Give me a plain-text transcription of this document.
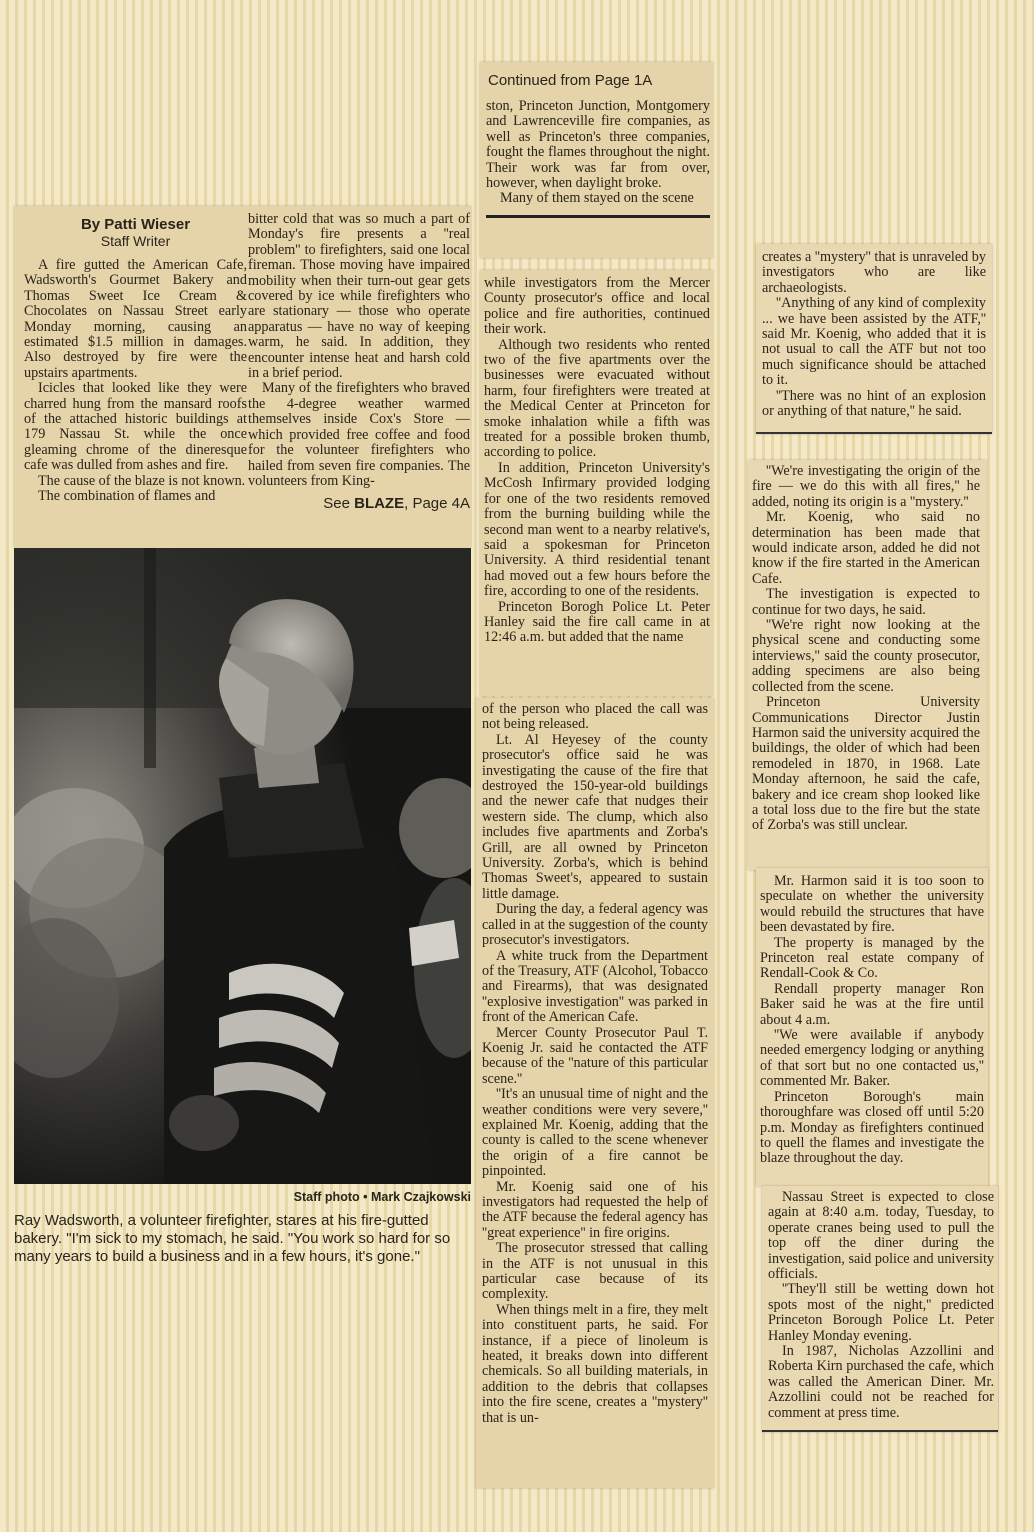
By Patti Wieser
Staff Writer

A fire gutted the American Cafe, Wadsworth's Gourmet Bakery and Thomas Sweet Ice Cream & Chocolates on Nassau Street early Monday morning, causing an estimated $1.5 million in damages. Also destroyed by fire were the upstairs apartments.

Icicles that looked like they were charred hung from the mansard roofs of the attached historic buildings at 179 Nassau St. while the once gleaming chrome of the dineresque cafe was dulled from ashes and fire.

The cause of the blaze is not known.

The combination of flames and

bitter cold that was so much a part of Monday's fire presents a ''real problem'' to firefighters, said one local fireman. Those moving have impaired mobility when their turn-out gear gets covered by ice while firefighters who are stationary — those who operate apparatus — have no way of keeping warm, he said. In addition, they encounter intense heat and harsh cold in a brief period.

Many of the firefighters who braved the 4-degree weather warmed themselves inside Cox's Store — which provided free coffee and food for the volunteer firefighters who hailed from seven fire companies. The volunteers from King-

See BLAZE, Page 4A
Staff photo • Mark Czajkowski
Ray Wadsworth, a volunteer firefighter, stares at his fire-gutted bakery. "I'm sick to my stomach, he said. "You work so hard for so many years to build a business and in a few hours, it's gone."
Continued from Page 1A

ston, Princeton Junction, Montgomery and Lawrenceville fire companies, as well as Princeton's three companies, fought the flames throughout the night. Their work was far from over, however, when daylight broke.

Many of them stayed on the scene

while investigators from the Mercer County prosecutor's office and local police and fire authorities, continued their work.

Although two residents who rented two of the five apartments over the businesses were evacuated without harm, four firefighters were treated at the Medical Center at Princeton for smoke inhalation while a fifth was treated for a possible broken thumb, according to police.

In addition, Princeton University's McCosh Infirmary provided lodging for one of the two residents removed from the burning building while the second man went to a nearby relative's, said a spokesman for Princeton University. A third residential tenant had moved out a few hours before the fire, according to one of the residents.

Princeton Borogh Police Lt. Peter Hanley said the fire call came in at 12:46 a.m. but added that the name

of the person who placed the call was not being released.

Lt. Al Heyesey of the county prosecutor's office said he was investigating the cause of the fire that destroyed the 150-year-old buildings and the newer cafe that nudges their western side. The clump, which also includes five apartments and Zorba's Grill, are all owned by Princeton University. Zorba's, which is behind Thomas Sweet's, appeared to sustain little damage.

During the day, a federal agency was called in at the suggestion of the county prosecutor's investigators.

A white truck from the Department of the Treasury, ATF (Alcohol, Tobacco and Firearms), that was designated ''explosive investigation'' was parked in front of the American Cafe.

Mercer County Prosecutor Paul T. Koenig Jr. said he contacted the ATF because of the ''nature of this particular scene.''

''It's an unusual time of night and the weather conditions were very severe,'' explained Mr. Koenig, adding that the county is called to the scene whenever the origin of a fire cannot be pinpointed.

Mr. Koenig said one of his investigators had requested the help of the ATF because the federal agency has ''great experience'' in fire origins.

The prosecutor stressed that calling in the ATF is not unusual in this particular case because of its complexity.

When things melt in a fire, they melt into constituent parts, he said. For instance, if a piece of linoleum is heated, it breaks down into different chemicals. So all building materials, in addition to the debris that collapses into the fire scene, creates a ''mystery'' that is un-

creates a ''mystery'' that is unraveled by investigators who are like archaeologists.

''Anything of any kind of complexity ... we have been assisted by the ATF,'' said Mr. Koenig, who added that it is not usual to call the ATF but not too much significance should be attached to it.

''There was no hint of an explosion or anything of that nature,'' he said.

''We're investigating the origin of the fire — we do this with all fires,'' he added, noting its origin is a ''mystery.''

Mr. Koenig, who said no determination has been made that would indicate arson, added he did not know if the fire started in the American Cafe.

The investigation is expected to continue for two days, he said.

''We're right now looking at the physical scene and conducting some interviews,'' said the county prosecutor, adding specimens are also being collected from the scene.

Princeton University Communications Director Justin Harmon said the university acquired the buildings, the older of which had been remodeled in 1870, in 1968. Late Monday afternoon, he said the cafe, bakery and ice cream shop looked like a total loss due to the fire but the state of Zorba's was still unclear.

Mr. Harmon said it is too soon to speculate on whether the university would rebuild the structures that have been devastated by fire.

The property is managed by the Princeton real estate company of Rendall-Cook & Co.

Rendall property manager Ron Baker said he was at the fire until about 4 a.m.

''We were available if anybody needed emergency lodging or anything of that sort but no one contacted us,'' commented Mr. Baker.

Princeton Borough's main thoroughfare was closed off until 5:20 p.m. Monday as firefighters continued to quell the flames and investigate the blaze throughout the day.

Nassau Street is expected to close again at 8:40 a.m. today, Tuesday, to operate cranes being used to pull the top off the diner during the investigation, said police and university officials.

''They'll still be wetting down hot spots most of the night,'' predicted Princeton Borough Police Lt. Peter Hanley Monday evening.

In 1987, Nicholas Azzollini and Roberta Kirn purchased the cafe, which was called the American Diner. Mr. Azzollini could not be reached for comment at press time.
